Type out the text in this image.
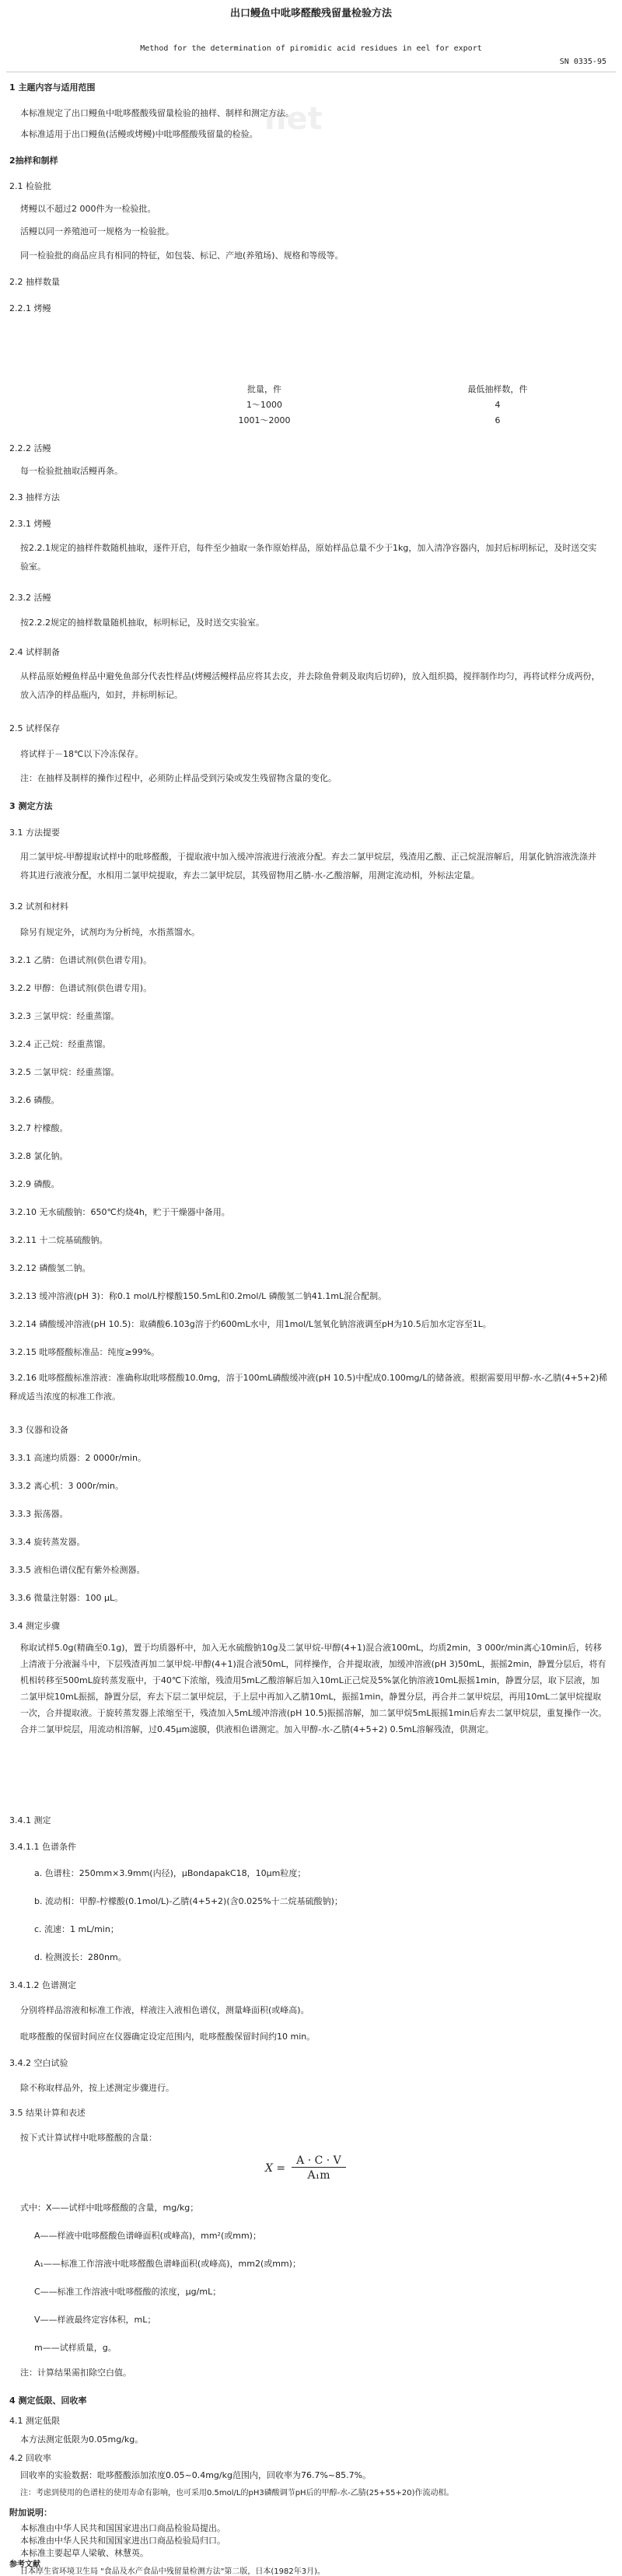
net
出口鳗鱼中吡哆醛酸残留量检验方法
Method for the determination of piromidic acid residues in eel for export
SN 0335-95
1 主题内容与适用范围
本标准规定了出口鳗鱼中吡哆醛酸残留量检验的抽样、制样和测定方法。
本标准适用于出口鳗鱼(活鳗或烤鳗)中吡哆醛酸残留量的检验。
2抽样和制样
2.1 检验批
烤鳗以不超过2 000件为一检验批。
活鳗以同一养殖池可一规格为一检验批。
同一检验批的商品应具有相同的特征，如包装、标记、产地(养殖场)、规格和等级等。
2.2 抽样数量
2.2.1 烤鳗
批量，件	最低抽样数，件
1～1000	4
1001～2000	6
2.2.2 活鳗
每一检验批抽取活鳗再条。
2.3 抽样方法
2.3.1 烤鳗
按2.2.1规定的抽样件数随机抽取，逐件开启，每件至少抽取一条作原始样品，原始样品总量不少于1kg，加入清净容器内，加封后标明标记，及时送交实验室。
2.3.2 活鳗
按2.2.2规定的抽样数量随机抽取，标明标记，及时送交实验室。
2.4 试样制备
从样品原始鳗鱼样品中避免鱼部分代表性样品(烤鳗活鳗样品应将其去皮，并去除鱼骨刺及取肉后切碎)，放入组织捣，搅拌制作均匀，再将试样分成两份，放入洁净的样品瓶内，如封，并标明标记。
2.5 试样保存
将试样于－18℃以下冷冻保存。
注：在抽样及制样的操作过程中，必须防止样品受到污染或发生残留物含量的变化。
3 测定方法
3.1 方法提要
用二氯甲烷-甲醇提取试样中的吡哆醛酸，于提取液中加入缓冲溶液进行液液分配。弃去二氯甲烷层，残渣用乙酸、正己烷混溶解后，用氯化钠溶液洗涤并将其进行液液分配，水相用二氯甲烷提取，弃去二氯甲烷层，其残留物用乙腈-水-乙酸溶解，用测定流动相，外标法定量。
3.2 试剂和材料
除另有规定外，试剂均为分析纯，水指蒸馏水。
3.2.1 乙腈：色谱试剂(供色谱专用)。
3.2.2 甲醇：色谱试剂(供色谱专用)。
3.2.3 三氯甲烷：经重蒸馏。
3.2.4 正己烷：经重蒸馏。
3.2.5 二氯甲烷：经重蒸馏。
3.2.6 磷酸。
3.2.7 柠檬酸。
3.2.8 氯化钠。
3.2.9 磷酸。
3.2.10 无水硫酸钠：650℃灼烧4h，贮于干燥器中备用。
3.2.11 十二烷基硫酸钠。
3.2.12 磷酸氢二钠。
3.2.13 缓冲溶液(pH 3)：称0.1 mol/L柠檬酸150.5mL和0.2mol/L 磷酸氢二钠41.1mL混合配制。
3.2.14 磷酸缓冲溶液(pH 10.5)：取磷酸6.103g溶于约600mL水中，用1mol/L氢氧化钠溶液调至pH为10.5后加水定容至1L。
3.2.15 吡哆醛酸标准品：纯度≥99%。
3.2.16 吡哆醛酸标准溶液：准确称取吡哆醛酸10.0mg，溶于100mL磷酸缓冲液(pH 10.5)中配成0.100mg/L的储备液。根据需要用甲醇-水-乙腈(4+5+2)稀释成适当浓度的标准工作液。
3.3 仪器和设备
3.3.1 高速均质器：2 0000r/min。
3.3.2 离心机：3 000r/min。
3.3.3 振荡器。
3.3.4 旋转蒸发器。
3.3.5 液相色谱仪配有紫外检测器。
3.3.6 微量注射器：100 μL。
3.4 测定步骤
称取试样5.0g(精确至0.1g)，置于均质器杯中，加入无水硫酸钠10g及二氯甲烷-甲醇(4+1)混合液100mL，均质2min，3 000r/min离心10min后，转移上清液于分液漏斗中，下层残渣再加二氯甲烷-甲醇(4+1)混合液50mL，同样操作，合并提取液，加缓冲溶液(pH 3)50mL，振摇2min，静置分层后，将有机相转移至500mL旋转蒸发瓶中，于40℃下浓缩，残渣用5mL乙酸溶解后加入10mL正己烷及5%氯化钠溶液10mL振摇1min，静置分层，取下层液，加二氯甲烷10mL振摇，静置分层，弃去下层二氯甲烷层，于上层中再加入乙腈10mL，振摇1min，静置分层，再合并二氯甲烷层，再用10mL二氯甲烷提取一次，合并提取液。于旋转蒸发器上浓缩至干，残渣加入5mL缓冲溶液(pH 10.5)振摇溶解，加二氯甲烷5mL振摇1min后弃去二氯甲烷层，重复操作一次。合并二氯甲烷层，用流动相溶解，过0.45μm滤膜，供液相色谱测定。加入甲醇-水-乙腈(4+5+2) 0.5mL溶解残渣，供测定。
3.4.1 测定
3.4.1.1 色谱条件
a. 色谱柱：250mm×3.9mm(内径)，μBondapakC18，10μm粒度；
b. 流动相：甲醇-柠檬酸(0.1mol/L)-乙腈(4+5+2)(含0.025%十二烷基硫酸钠)；
c. 流速：1 mL/min；
d. 检测波长：280nm。
3.4.1.2 色谱测定
分别将样品溶液和标准工作液，样液注入液相色谱仪，测量峰面积(或峰高)。
吡哆醛酸的保留时间应在仪器确定设定范围内，吡哆醛酸保留时间约10 min。
3.4.2 空白试验
除不称取样品外，按上述测定步骤进行。
3.5 结果计算和表述
按下式计算试样中吡哆醛酸的含量：
X =	A · C · V
A₁m
式中：X——试样中吡哆醛酸的含量，mg/kg；
A——样液中吡哆醛酸色谱峰面积(或峰高)，mm²(或mm)；
A₁——标准工作溶液中吡哆醛酸色谱峰面积(或峰高)，mm2(或mm)；
C——标准工作溶液中吡哆醛酸的浓度，μg/mL；
V——样液最终定容体积，mL；
m——试样质量，g。
注：计算结果需扣除空白值。
4 测定低限、回收率
4.1 测定低限
本方法测定低限为0.05mg/kg。
4.2 回收率
回收率的实验数据：吡哆醛酸添加浓度0.05~0.4mg/kg范围内，回收率为76.7%~85.7%。
注：考虑到使用的色谱柱的使用寿命有影响，也可采用0.5mol/L的pH3磷酸调节pH后的甲醇-水-乙腈(25+55+20)作流动相。
附加说明：
本标准由中华人民共和国国家进出口商品检验局提出。
本标准由中华人民共和国国家进出口商品检验局归口。
本标准主要起草人梁敏、林慧英。
参考文献
日本厚生省环境卫生局 "食品及水产食品中残留量检测方法"第二版，日本(1982年3月)。
